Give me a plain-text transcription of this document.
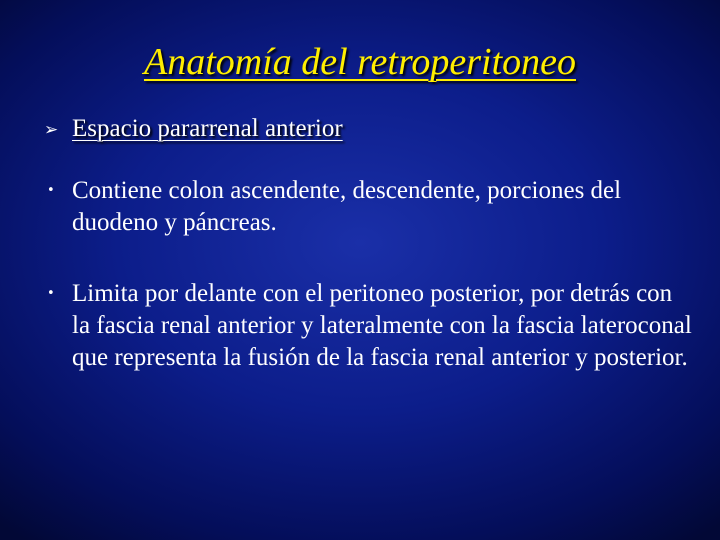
Anatomía del retroperitoneo
➢ Espacio pararrenal anterior
• Contiene colon ascendente, descendente, porciones del duodeno y páncreas.
• Limita por delante con el peritoneo posterior, por detrás con la fascia renal anterior y lateralmente con la fascia lateroconal que representa la fusión de la fascia renal anterior y posterior.
